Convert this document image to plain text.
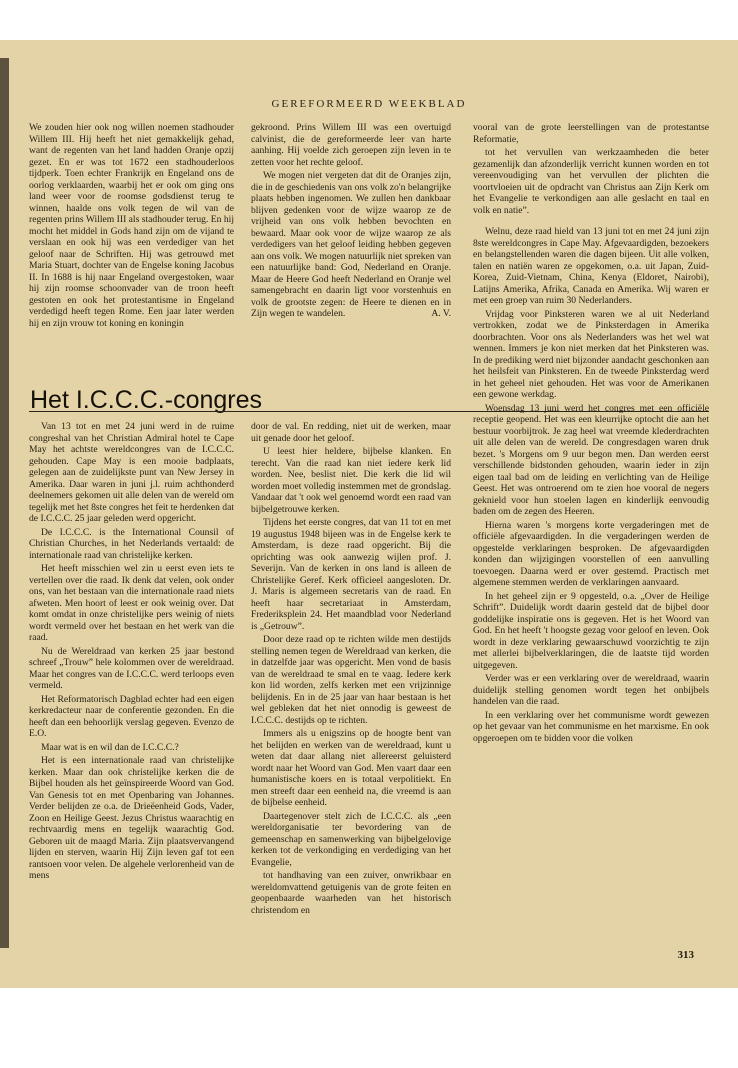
GEREFORMEERD WEEKBLAD

We zouden hier ook nog willen noemen stadhouder Willem III. Hij heeft het niet gemakkelijk gehad, want de regenten van het land hadden Oranje opzij gezet. En er was tot 1672 een stadhouderloos tijdperk. Toen echter Frankrijk en Engeland ons de oorlog verklaarden, waarbij het er ook om ging ons land weer voor de roomse godsdienst terug te winnen, haalde ons volk tegen de wil van de regenten prins Willem III als stadhouder terug. En hij mocht het middel in Gods hand zijn om de vijand te verslaan en ook hij was een verdediger van het geloof naar de Schriften. Hij was getrouwd met Maria Stuart, dochter van de Engelse koning Jacobus II. In 1688 is hij naar Engeland overgestoken, waar hij zijn roomse schoonvader van de troon heeft gestoten en ook het protestantisme in Engeland verdedigd heeft tegen Rome. Een jaar later werden hij en zijn vrouw tot koning en koningin

gekroond. Prins Willem III was een overtuigd calvinist, die de gereformeerde leer van harte aanhing. Hij voelde zich geroepen zijn leven in te zetten voor het rechte geloof.

We mogen niet vergeten dat dit de Oranjes zijn, die in de geschiedenis van ons volk zo'n belangrijke plaats hebben ingenomen. We zullen hen dankbaar blijven gedenken voor de wijze waarop ze de vrijheid van ons volk hebben bevochten en bewaard. Maar ook voor de wijze waarop ze als verdedigers van het geloof leiding hebben gegeven aan ons volk. We mogen natuurlijk niet spreken van een natuurlijke band: God, Nederland en Oranje. Maar de Heere God heeft Nederland en Oranje wel samengebracht en daarin ligt voor vorstenhuis en volk de grootste zegen: de Heere te dienen en in Zijn wegen te wandelen.	A. V.

Het I.C.C.C.-congres

Van 13 tot en met 24 juni werd in de ruime congreshal van het Christian Admiral hotel te Cape May het achtste wereldcongres van de I.C.C.C. gehouden. Cape May is een mooie badplaats, gelegen aan de zuidelijkste punt van New Jersey in Amerika. Daar waren in juni j.l. ruim achthonderd deelnemers gekomen uit alle delen van de wereld om tegelijk met het 8ste congres het feit te herdenken dat de I.C.C.C. 25 jaar geleden werd opgericht.

De I.C.C.C. is the International Counsil of Christian Churches, in het Nederlands vertaald: de internationale raad van christelijke kerken.

Het heeft misschien wel zin u eerst even iets te vertellen over die raad. Ik denk dat velen, ook onder ons, van het bestaan van die internationale raad niets afweten. Men hoort of leest er ook weinig over. Dat komt omdat in onze christelijke pers weinig of niets wordt vermeld over het bestaan en het werk van die raad.

Nu de Wereldraad van kerken 25 jaar bestond schreef „Trouw” hele kolommen over de wereldraad. Maar het congres van de I.C.C.C. werd terloops even vermeld.

Het Reformatorisch Dagblad echter had een eigen kerkredacteur naar de conferentie gezonden. En die heeft dan een behoorlijk verslag gegeven. Evenzo de E.O.

Maar wat is en wil dan de I.C.C.C.?

Het is een internationale raad van christelijke kerken. Maar dan ook christelijke kerken die de Bijbel houden als het geïnspireerde Woord van God. Van Genesis tot en met Openbaring van Johannes. Verder belijden ze o.a. de Drieëenheid Gods, Vader, Zoon en Heilige Geest. Jezus Christus waarachtig en rechtvaardig mens en tegelijk waarachtig God. Geboren uit de maagd Maria. Zijn plaatsvervangend lijden en sterven, waarin Hij Zijn leven gaf tot een rantsoen voor velen. De algehele verlorenheid van de mens

door de val. En redding, niet uit de werken, maar uit genade door het geloof.

U leest hier heldere, bijbelse klanken. En terecht. Van die raad kan niet iedere kerk lid worden. Nee, beslist niet. Die kerk die lid wil worden moet volledig instemmen met de grondslag. Vandaar dat 't ook wel genoemd wordt een raad van bijbelgetrouwe kerken.

Tijdens het eerste congres, dat van 11 tot en met 19 augustus 1948 bijeen was in de Engelse kerk te Amsterdam, is deze raad opgericht. Bij die oprichting was ook aanwezig wijlen prof. J. Severijn. Van de kerken in ons land is alleen de Christelijke Geref. Kerk officieel aangesloten. Dr. J. Maris is algemeen secretaris van de raad. En heeft haar secretariaat in Amsterdam, Frederiksplein 24. Het maandblad voor Nederland is „Getrouw”.

Door deze raad op te richten wilde men destijds stelling nemen tegen de Wereldraad van kerken, die in datzelfde jaar was opgericht. Men vond de basis van de wereldraad te smal en te vaag. Iedere kerk kon lid worden, zelfs kerken met een vrijzinnige belijdenis. En in de 25 jaar van haar bestaan is het wel gebleken dat het niet onnodig is geweest de I.C.C.C. destijds op te richten.

Immers als u enigszins op de hoogte bent van het belijden en werken van de wereldraad, kunt u weten dat daar allang niet allereerst geluisterd wordt naar het Woord van God. Men vaart daar een humanistische koers en is totaal verpolitiekt. En men streeft daar een eenheid na, die vreemd is aan de bijbelse eenheid.

Daartegenover stelt zich de I.C.C.C. als „een wereldorganisatie ter bevordering van de gemeenschap en samenwerking van bijbelgelovige kerken tot de verkondiging en verdediging van het Evangelie,

tot handhaving van een zuiver, onwrikbaar en wereldomvattend getuigenis van de grote feiten en geopenbaarde waarheden van het historisch christendom en

vooral van de grote leerstellingen van de protestantse Reformatie,

tot het vervullen van werkzaamheden die beter gezamenlijk dan afzonderlijk verricht kunnen worden en tot vereenvoudiging van het vervullen der plichten die voortvloeien uit de opdracht van Christus aan Zijn Kerk om het Evangelie te verkondigen aan alle geslacht en taal en volk en natie”.

Welnu, deze raad hield van 13 juni tot en met 24 juni zijn 8ste wereldcongres in Cape May. Afgevaardigden, bezoekers en belangstellenden waren die dagen bijeen. Uit alle volken, talen en natiën waren ze opgekomen, o.a. uit Japan, Zuid-Korea, Zuid-Vietnam, China, Kenya (Eldoret, Nairobi), Latijns Amerika, Afrika, Canada en Amerika. Wij waren er met een groep van ruim 30 Nederlanders.

Vrijdag voor Pinksteren waren we al uit Nederland vertrokken, zodat we de Pinksterdagen in Amerika doorbrachten. Voor ons als Nederlanders was het wel wat wennen. Immers je kon niet merken dat het Pinksteren was. In de prediking werd niet bijzonder aandacht geschonken aan het heilsfeit van Pinksteren. En de tweede Pinksterdag werd in het geheel niet gehouden. Het was voor de Amerikanen een gewone werkdag.

Woensdag 13 juni werd het congres met een officiële receptie geopend. Het was een kleurrijke optocht die aan het bestuur voorbijtrok. Je zag heel wat vreemde klederdrachten uit alle delen van de wereld. De congresdagen waren druk bezet. 's Morgens om 9 uur begon men. Dan werden eerst verschillende bidstonden gehouden, waarin ieder in zijn eigen taal bad om de leiding en verlichting van de Heilige Geest. Het was ontroerend om te zien hoe vooral de negers geknield voor hun stoelen lagen en kinderlijk eenvoudig baden om de zegen des Heeren.

Hierna waren 's morgens korte vergaderingen met de officiële afgevaardigden. In die vergaderingen werden de opgestelde verklaringen besproken. De afgevaardigden konden dan wijzigingen voorstellen of een aanvulling toevoegen. Daarna werd er over gestemd. Practisch met algemene stemmen werden de verklaringen aanvaard.

In het geheel zijn er 9 opgesteld, o.a. „Over de Heilige Schrift”. Duidelijk wordt daarin gesteld dat de bijbel door goddelijke inspiratie ons is gegeven. Het is het Woord van God. En het heeft 't hoogste gezag voor geloof en leven. Ook wordt in deze verklaring gewaarschuwd voorzichtig te zijn met allerlei bijbelverklaringen, die de laatste tijd worden uitgegeven.

Verder was er een verklaring over de wereldraad, waarin duidelijk stelling genomen wordt tegen het onbijbels handelen van die raad.

In een verklaring over het communisme wordt gewezen op het gevaar van het communisme en het marxisme. En ook opgeroepen om te bidden voor die volken

313
